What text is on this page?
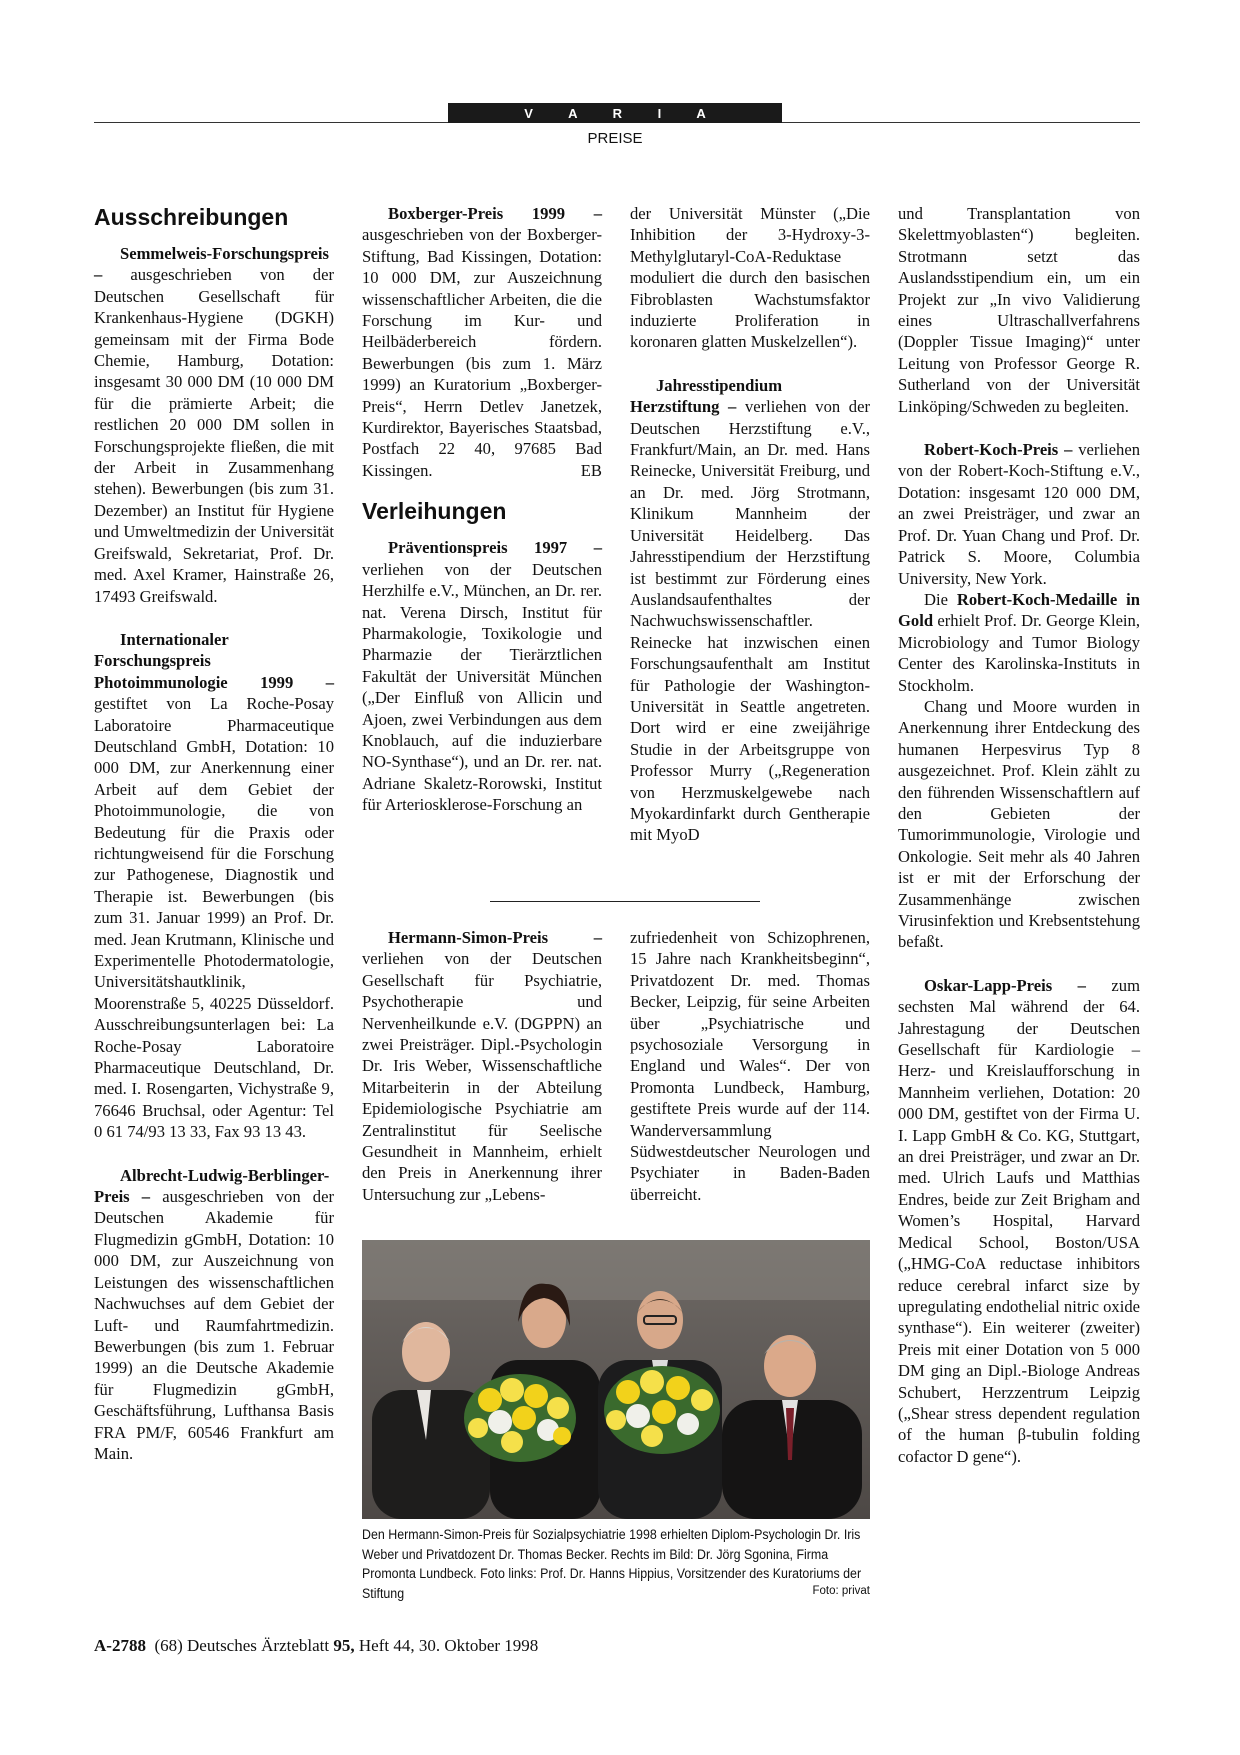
V A R I A
PREISE
Ausschreibungen

Semmelweis-Forschungspreis – ausgeschrieben von der Deutschen Gesellschaft für Krankenhaus-Hygiene (DGKH) gemeinsam mit der Firma Bode Chemie, Hamburg, Dotation: insgesamt 30 000 DM (10 000 DM für die prämierte Arbeit; die restlichen 20 000 DM sollen in Forschungsprojekte fließen, die mit der Arbeit in Zusammenhang stehen). Bewerbungen (bis zum 31. Dezember) an Institut für Hygiene und Umweltmedizin der Universität Greifswald, Sekretariat, Prof. Dr. med. Axel Kramer, Hainstraße 26, 17493 Greifswald.

Internationaler Forschungspreis Photoimmunologie 1999 – gestiftet von La Roche-Posay Laboratoire Pharmaceutique Deutschland GmbH, Dotation: 10 000 DM, zur Anerkennung einer Arbeit auf dem Gebiet der Photoimmunologie, die von Bedeutung für die Praxis oder richtungweisend für die Forschung zur Pathogenese, Diagnostik und Therapie ist. Bewerbungen (bis zum 31. Januar 1999) an Prof. Dr. med. Jean Krutmann, Klinische und Experimentelle Photodermatologie, Universitätshautklinik, Moorenstraße 5, 40225 Düsseldorf. Ausschreibungsunterlagen bei: La Roche-Posay Laboratoire Pharmaceutique Deutschland, Dr. med. I. Rosengarten, Vichystraße 9, 76646 Bruchsal, oder Agentur: Tel 0 61 74/93 13 33, Fax 93 13 43.

Albrecht-Ludwig-Berblinger-Preis – ausgeschrieben von der Deutschen Akademie für Flugmedizin gGmbH, Dotation: 10 000 DM, zur Auszeichnung von Leistungen des wissenschaftlichen Nachwuchses auf dem Gebiet der Luft- und Raumfahrtmedizin. Bewerbungen (bis zum 1. Februar 1999) an die Deutsche Akademie für Flugmedizin gGmbH, Geschäftsführung, Lufthansa Basis FRA PM/F, 60546 Frankfurt am Main.

Boxberger-Preis 1999 – ausgeschrieben von der Boxberger-Stiftung, Bad Kissingen, Dotation: 10 000 DM, zur Auszeichnung wissenschaftlicher Arbeiten, die die Forschung im Kur- und Heilbäderbereich fördern. Bewerbungen (bis zum 1. März 1999) an Kuratorium „Boxberger-Preis“, Herrn Detlev Janetzek, Kurdirektor, Bayerisches Staatsbad, Postfach 22 40, 97685 Bad Kissingen.	EB

Verleihungen

Präventionspreis 1997 – verliehen von der Deutschen Herzhilfe e.V., München, an Dr. rer. nat. Verena Dirsch, Institut für Pharmakologie, Toxikologie und Pharmazie der Tierärztlichen Fakultät der Universität München („Der Einfluß von Allicin und Ajoen, zwei Verbindungen aus dem Knoblauch, auf die induzierbare NO-Synthase“), und an Dr. rer. nat. Adriane Skaletz-Rorowski, Institut für Arteriosklerose-Forschung an

der Universität Münster („Die Inhibition der 3-Hydroxy-3-Methylglutaryl-CoA-Reduktase moduliert die durch den basischen Fibroblasten Wachstumsfaktor induzierte Proliferation in koronaren glatten Muskelzellen“).

Jahresstipendium Herzstiftung – verliehen von der Deutschen Herzstiftung e.V., Frankfurt/Main, an Dr. med. Hans Reinecke, Universität Freiburg, und an Dr. med. Jörg Strotmann, Klinikum Mannheim der Universität Heidelberg. Das Jahresstipendium der Herzstiftung ist bestimmt zur Förderung eines Auslandsaufenthaltes der Nachwuchswissenschaftler. Reinecke hat inzwischen einen Forschungsaufenthalt am Institut für Pathologie der Washington-Universität in Seattle angetreten. Dort wird er eine zweijährige Studie in der Arbeitsgruppe von Professor Murry („Regeneration von Herzmuskelgewebe nach Myokardinfarkt durch Gentherapie mit MyoD

und Transplantation von Skelettmyoblasten“) begleiten. Strotmann setzt das Auslandsstipendium ein, um ein Projekt zur „In vivo Validierung eines Ultraschallverfahrens (Doppler Tissue Imaging)“ unter Leitung von Professor George R. Sutherland von der Universität Linköping/Schweden zu begleiten.

Robert-Koch-Preis – verliehen von der Robert-Koch-Stiftung e.V., Dotation: insgesamt 120 000 DM, an zwei Preisträger, und zwar an Prof. Dr. Yuan Chang und Prof. Dr. Patrick S. Moore, Columbia University, New York.

Die Robert-Koch-Medaille in Gold erhielt Prof. Dr. George Klein, Microbiology and Tumor Biology Center des Karolinska-Instituts in Stockholm.

Chang und Moore wurden in Anerkennung ihrer Entdeckung des humanen Herpesvirus Typ 8 ausgezeichnet. Prof. Klein zählt zu den führenden Wissenschaftlern auf den Gebieten der Tumorimmunologie, Virologie und Onkologie. Seit mehr als 40 Jahren ist er mit der Erforschung der Zusammenhänge zwischen Virusinfektion und Krebsentstehung befaßt.

Oskar-Lapp-Preis – zum sechsten Mal während der 64. Jahrestagung der Deutschen Gesellschaft für Kardiologie – Herz- und Kreislaufforschung in Mannheim verliehen, Dotation: 20 000 DM, gestiftet von der Firma U. I. Lapp GmbH & Co. KG, Stuttgart, an drei Preisträger, und zwar an Dr. med. Ulrich Laufs und Matthias Endres, beide zur Zeit Brigham and Women’s Hospital, Harvard Medical School, Boston/USA („HMG-CoA reductase inhibitors reduce cerebral infarct size by upregulating endothelial nitric oxide synthase“). Ein weiterer (zweiter) Preis mit einer Dotation von 5 000 DM ging an Dipl.-Biologe Andreas Schubert, Herzzentrum Leipzig („Shear stress dependent regulation of the human β-tubulin folding cofactor D gene“).

Hermann-Simon-Preis – verliehen von der Deutschen Gesellschaft für Psychiatrie, Psychotherapie und Nervenheilkunde e.V. (DGPPN) an zwei Preisträger. Dipl.-Psychologin Dr. Iris Weber, Wissenschaftliche Mitarbeiterin in der Abteilung Epidemiologische Psychiatrie am Zentralinstitut für Seelische Gesundheit in Mannheim, erhielt den Preis in Anerkennung ihrer Untersuchung zur „Lebens-

zufriedenheit von Schizophrenen, 15 Jahre nach Krankheitsbeginn“, Privatdozent Dr. med. Thomas Becker, Leipzig, für seine Arbeiten über „Psychiatrische und psychosoziale Versorgung in England und Wales“. Der von Promonta Lundbeck, Hamburg, gestiftete Preis wurde auf der 114. Wanderversammlung Südwestdeutscher Neurologen und Psychiater in Baden-Baden überreicht.

Den Hermann-Simon-Preis für Sozialpsychiatrie 1998 erhielten Diplom-Psychologin Dr. Iris Weber und Privatdozent Dr. Thomas Becker. Rechts im Bild: Dr. Jörg Sgonina, Firma Promonta Lundbeck. Foto links: Prof. Dr. Hanns Hippius, Vorsitzender des Kuratoriums der Stiftung	Foto: privat
A-2788 (68) Deutsches Ärzteblatt 95, Heft 44, 30. Oktober 1998
